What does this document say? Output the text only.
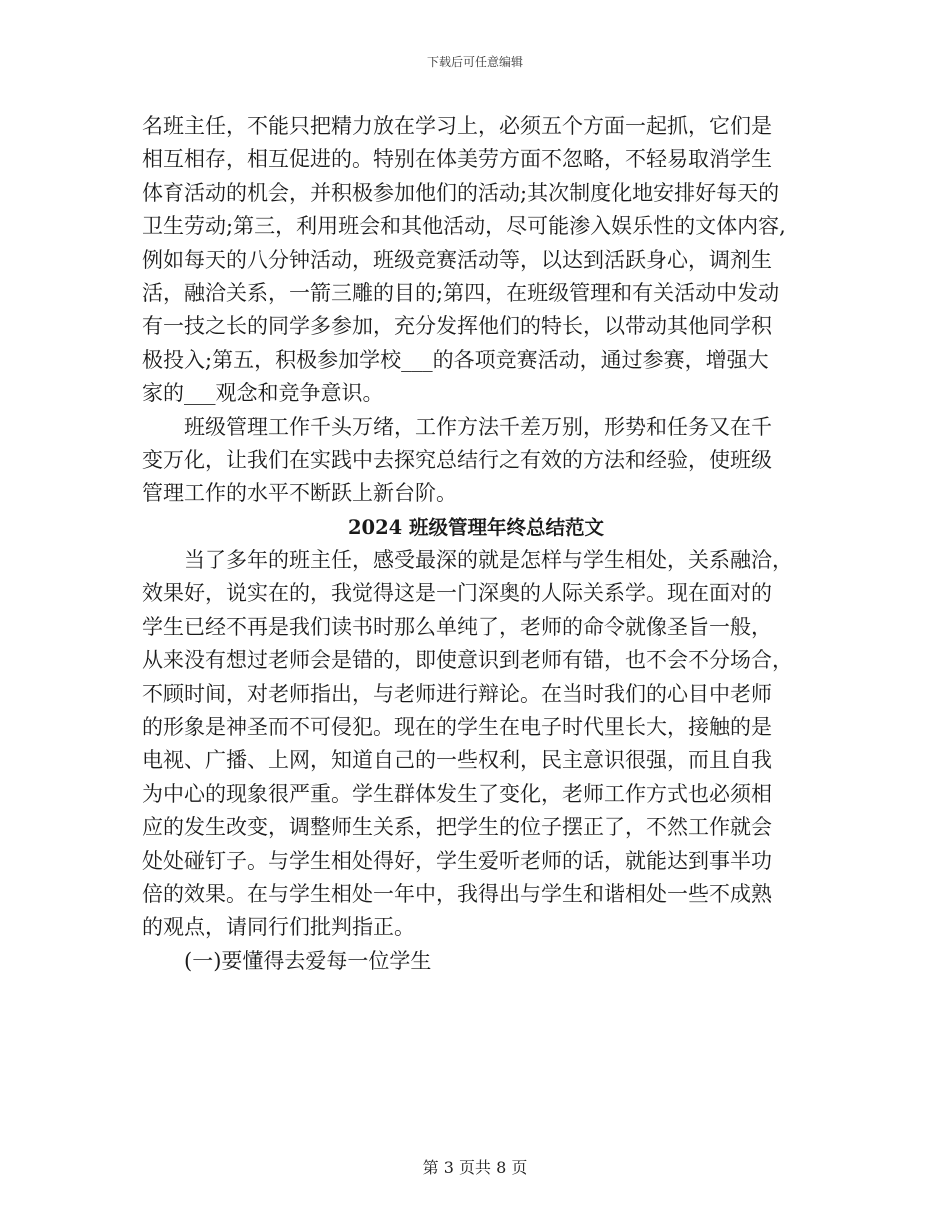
下载后可任意编辑
名班主任，不能只把精力放在学习上，必须五个方面一起抓，它们是
相互相存，相互促进的。特别在体美劳方面不忽略，不轻易取消学生
体育活动的机会，并积极参加他们的活动;其次制度化地安排好每天的
卫生劳动;第三，利用班会和其他活动，尽可能渗入娱乐性的文体内容,
例如每天的八分钟活动，班级竞赛活动等，以达到活跃身心，调剂生
活，融洽关系，一箭三雕的目的;第四，在班级管理和有关活动中发动
有一技之长的同学多参加，充分发挥他们的特长，以带动其他同学积
极投入;第五，积极参加学校___的各项竞赛活动，通过参赛，增强大
家的___观念和竞争意识。
班级管理工作千头万绪，工作方法千差万别，形势和任务又在千
变万化，让我们在实践中去探究总结行之有效的方法和经验，使班级
管理工作的水平不断跃上新台阶。
2024 班级管理年终总结范文
当了多年的班主任，感受最深的就是怎样与学生相处，关系融洽，
效果好，说实在的，我觉得这是一门深奥的人际关系学。现在面对的
学生已经不再是我们读书时那么单纯了，老师的命令就像圣旨一般，
从来没有想过老师会是错的，即使意识到老师有错，也不会不分场合，
不顾时间，对老师指出，与老师进行辩论。在当时我们的心目中老师
的形象是神圣而不可侵犯。现在的学生在电子时代里长大，接触的是
电视、广播、上网，知道自己的一些权利，民主意识很强，而且自我
为中心的现象很严重。学生群体发生了变化，老师工作方式也必须相
应的发生改变，调整师生关系，把学生的位子摆正了，不然工作就会
处处碰钉子。与学生相处得好，学生爱听老师的话，就能达到事半功
倍的效果。在与学生相处一年中，我得出与学生和谐相处一些不成熟
的观点，请同行们批判指正。
(一)要懂得去爱每一位学生
第 3 页共 8 页
